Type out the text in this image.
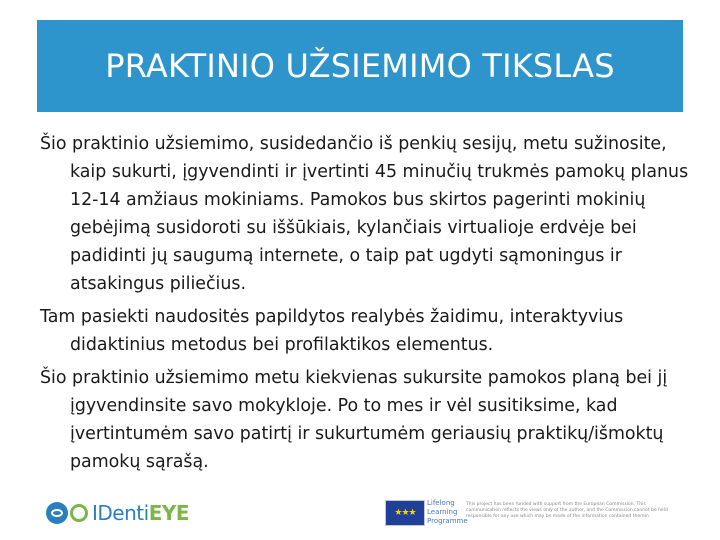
PRAKTINIO UŽSIEMIMO TIKSLAS

Šio praktinio užsiemimo, susidedančio iš penkių sesijų, metu sužinosite, kaip sukurti, įgyvendinti ir įvertinti 45 minučių trukmės pamokų planus 12-14 amžiaus mokiniams. Pamokos bus skirtos pagerinti mokinių gebėjimą susidoroti su iššūkiais, kylančiais virtualioje erdvėje bei padidinti jų saugumą internete, o taip pat ugdyti sąmoningus ir atsakingus piliečius.

Tam pasiekti naudositės papildytos realybės žaidimu, interaktyvius didaktinius metodus bei profilaktikos elementus.

Šio praktinio užsiemimo metu kiekvienas sukursite pamokos planą bei jį įgyvendinsite savo mokykloje. Po to mes ir vėl susitiksime, kad įvertintumėm savo patirtį ir sukurtumėm geriausių praktikų/išmoktų pamokų sąrašą.

IDentiEYE	★★★
Lifelong Learning Programme
This project has been funded with support from the European Commission. This communication reflects the views only of the author, and the Commission cannot be held responsible for any use which may be made of the information contained therein.
